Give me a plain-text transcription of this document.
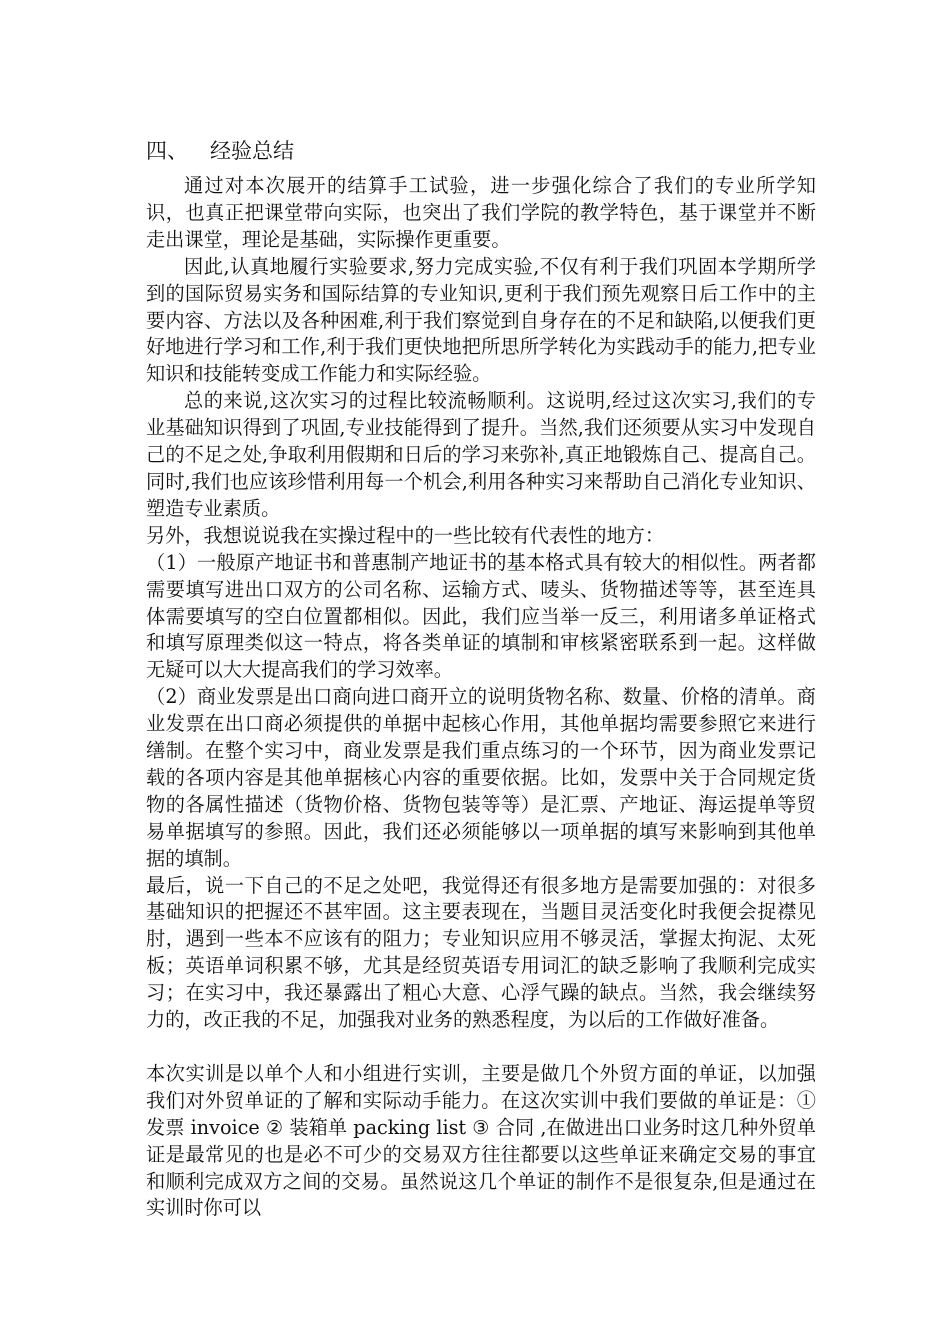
四、 经验总结

通过对本次展开的结算手工试验，进一步强化综合了我们的专业所学知识，也真正把课堂带向实际，也突出了我们学院的教学特色，基于课堂并不断走出课堂，理论是基础，实际操作更重要。

因此,认真地履行实验要求,努力完成实验,不仅有利于我们巩固本学期所学到的国际贸易实务和国际结算的专业知识,更利于我们预先观察日后工作中的主要内容、方法以及各种困难,利于我们察觉到自身存在的不足和缺陷,以便我们更好地进行学习和工作,利于我们更快地把所思所学转化为实践动手的能力,把专业知识和技能转变成工作能力和实际经验。

总的来说,这次实习的过程比较流畅顺利。这说明,经过这次实习,我们的专业基础知识得到了巩固,专业技能得到了提升。当然,我们还须要从实习中发现自己的不足之处,争取利用假期和日后的学习来弥补,真正地锻炼自己、提高自己。同时,我们也应该珍惜利用每一个机会,利用各种实习来帮助自己消化专业知识、塑造专业素质。

另外，我想说说我在实操过程中的一些比较有代表性的地方：

（1）一般原产地证书和普惠制产地证书的基本格式具有较大的相似性。两者都需要填写进出口双方的公司名称、运输方式、唛头、货物描述等等，甚至连具体需要填写的空白位置都相似。因此，我们应当举一反三，利用诸多单证格式和填写原理类似这一特点，将各类单证的填制和审核紧密联系到一起。这样做无疑可以大大提高我们的学习效率。

（2）商业发票是出口商向进口商开立的说明货物名称、数量、价格的清单。商业发票在出口商必须提供的单据中起核心作用，其他单据均需要参照它来进行缮制。在整个实习中，商业发票是我们重点练习的一个环节，因为商业发票记载的各项内容是其他单据核心内容的重要依据。比如，发票中关于合同规定货物的各属性描述（货物价格、货物包装等等）是汇票、产地证、海运提单等贸易单据填写的参照。因此，我们还必须能够以一项单据的填写来影响到其他单据的填制。

最后，说一下自己的不足之处吧，我觉得还有很多地方是需要加强的：对很多基础知识的把握还不甚牢固。这主要表现在，当题目灵活变化时我便会捉襟见肘，遇到一些本不应该有的阻力；专业知识应用不够灵活，掌握太拘泥、太死板；英语单词积累不够，尤其是经贸英语专用词汇的缺乏影响了我顺利完成实习；在实习中，我还暴露出了粗心大意、心浮气躁的缺点。当然，我会继续努力的，改正我的不足，加强我对业务的熟悉程度，为以后的工作做好准备。

本次实训是以单个人和小组进行实训，主要是做几个外贸方面的单证，以加强我们对外贸单证的了解和实际动手能力。在这次实训中我们要做的单证是：①发票 invoice ② 装箱单 packing list ③ 合同 ,在做进出口业务时这几种外贸单证是最常见的也是必不可少的交易双方往往都要以这些单证来确定交易的事宜和顺利完成双方之间的交易。虽然说这几个单证的制作不是很复杂,但是通过在实训时你可以
